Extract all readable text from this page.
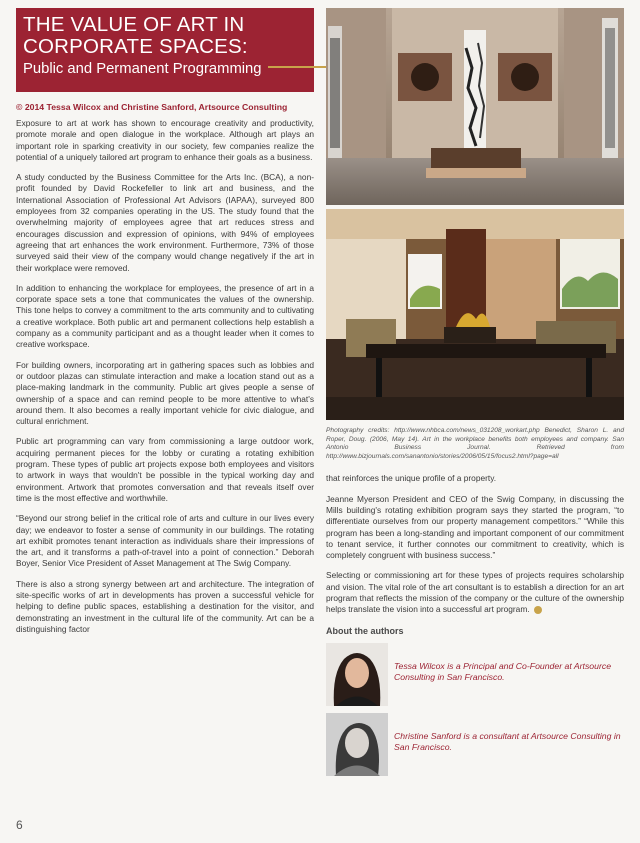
THE VALUE OF ART IN
CORPORATE SPACES:
Public and Permanent Programming
© 2014 Tessa Wilcox and Christine Sanford, Artsource Consulting

Exposure to art at work has shown to encourage creativity and productivity, promote morale and open dialogue in the workplace. Although art plays an important role in sparking creativity in our society, few companies realize the potential of a uniquely tailored art program to enhance their goals as a business.

A study conducted by the Business Committee for the Arts Inc. (BCA), a non-profit founded by David Rockefeller to link art and business, and the International Association of Professional Art Advisors (IAPAA), surveyed 800 employees from 32 companies operating in the US. The study found that the overwhelming majority of employees agree that art reduces stress and encourages discussion and expression of opinions, with 94% of employees agreeing that art enhances the work environment. Furthermore, 73% of those surveyed said their view of the company would change negatively if the art in their workplace were removed.

In addition to enhancing the workplace for employees, the presence of art in a corporate space sets a tone that communicates the values of the ownership. This tone helps to convey a commitment to the arts community and to cultivating a creative workplace. Both public art and permanent collections help establish a company as a community participant and as a thought leader when it comes to creative workspace.

For building owners, incorporating art in gathering spaces such as lobbies and or outdoor plazas can stimulate interaction and make a location stand out as a place-making landmark in the community. Public art gives people a sense of ownership of a space and can remind people to be more attentive to what's around them. It also becomes a really important vehicle for civic dialogue, and cultural enrichment.

Public art programming can vary from commissioning a large outdoor work, acquiring permanent pieces for the lobby or curating a rotating exhibition program. These types of public art projects expose both employees and visitors to artwork in ways that wouldn't be possible in the typical working day and environment. Artwork that promotes conversation and that reveals itself over time is the most effective and worthwhile.

“Beyond our strong belief in the critical role of arts and culture in our lives every day; we endeavor to foster a sense of community in our buildings. The rotating art exhibit promotes tenant interaction as individuals share their impressions of the art, and it transforms a path-of-travel into a point of connection.” Deborah Boyer, Senior Vice President of Asset Management at The Swig Company.

There is also a strong synergy between art and architecture. The integration of site-specific works of art in developments has proven a successful vehicle for helping to define public spaces, establishing a destination for the visitor, and demonstrating an investment in the cultural life of the community. Art can be a distinguishing factor

Photography credits: http://www.nhbca.com/news_031208_workart.php Benedict, Sharon L. and Roper, Doug. (2006, May 14). Art in the workplace benefits both employees and company. San Antonio Business Journal. Retrieved from http://www.bizjournals.com/sanantonio/stories/2006/05/15/focus2.html?page=all

that reinforces the unique profile of a property.

Jeanne Myerson President and CEO of the Swig Company, in discussing the Mills building's rotating exhibition program says they started the program, “to differentiate ourselves from our property management competitors.” “While this program has been a long-standing and important component of our commitment to tenant service, it further connotes our commitment to creativity, which is completely congruent with business success.”

Selecting or commissioning art for these types of projects requires scholarship and vision. The vital role of the art consultant is to establish a direction for an art program that reflects the mission of the company or the culture of the ownership helps translate the vision into a successful art program.

About the authors
Tessa Wilcox is a Principal and Co-Founder at Artsource Consulting in San Francisco.
Christine Sanford is a consultant at Artsource Consulting in San Francisco.
6
